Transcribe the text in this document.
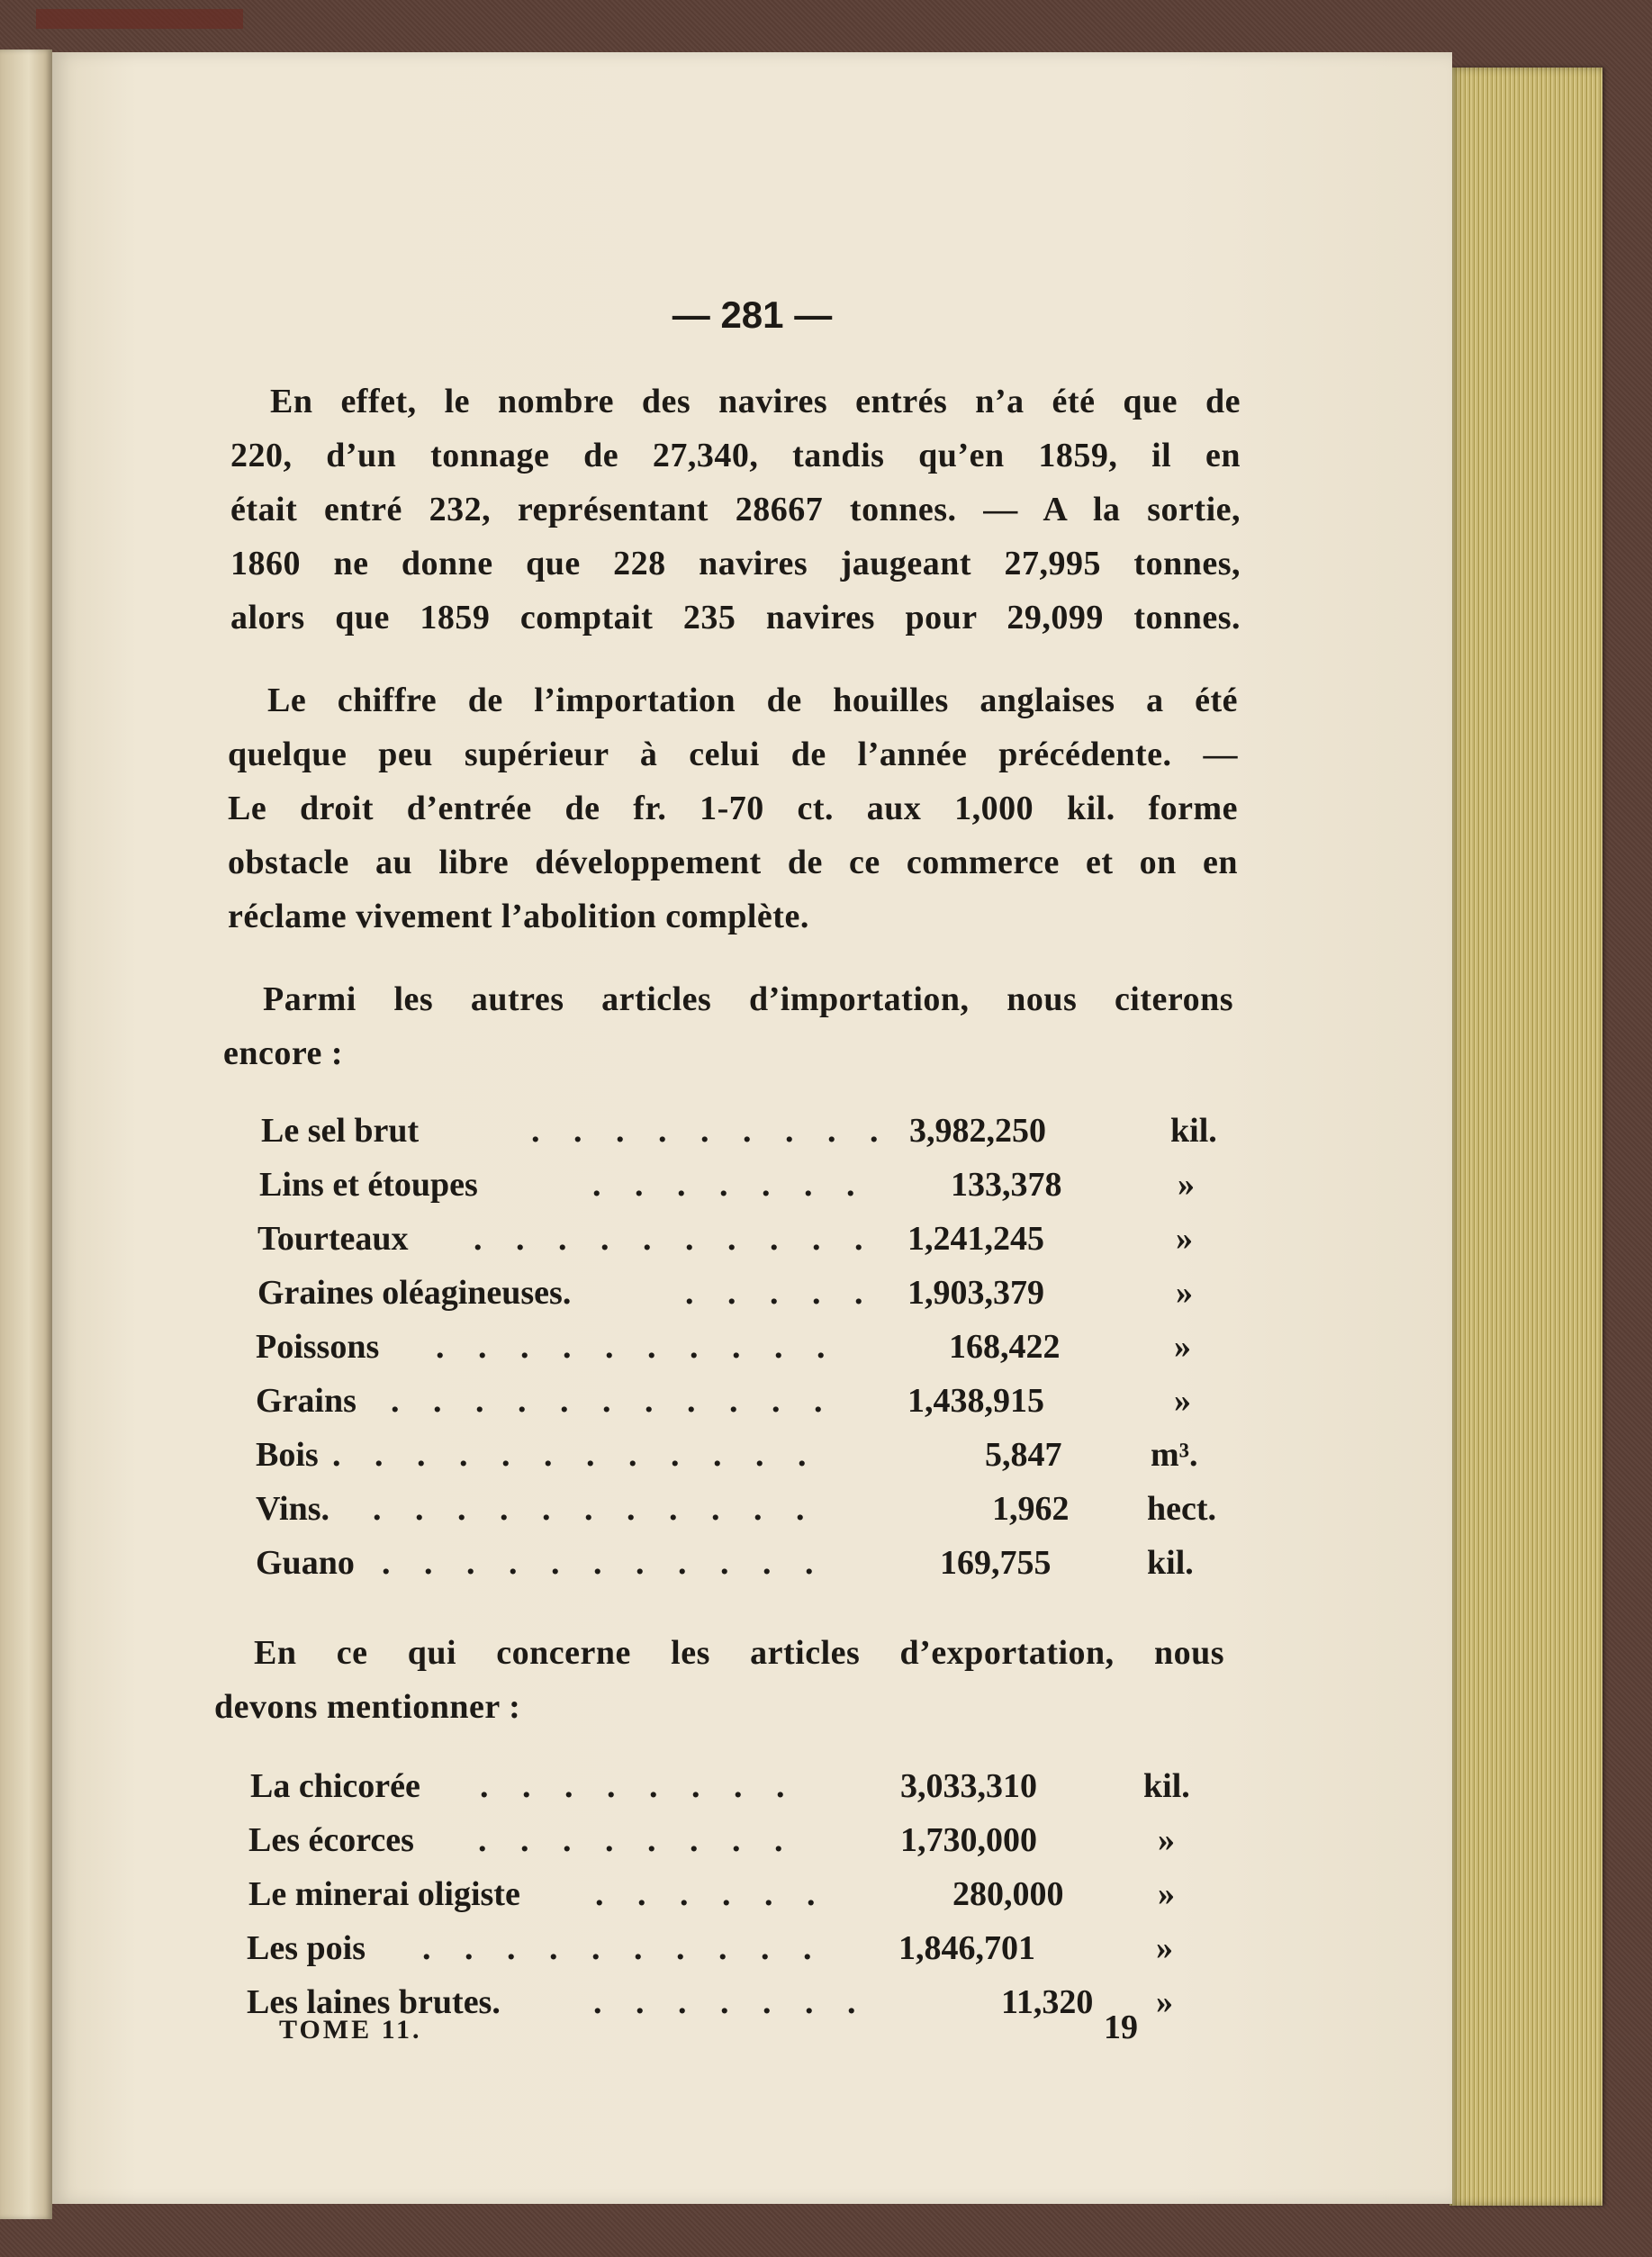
— 281 —
En effet, le nombre des navires entrés n’a été que de
220, d’un tonnage de 27,340, tandis qu’en 1859, il en
était entré 232, représentant 28667 tonnes. — A la sortie,
1860 ne donne que 228 navires jaugeant 27,995 tonnes,
alors que 1859 comptait 235 navires pour 29,099 tonnes.
Le chiffre de l’importation de houilles anglaises a été
quelque peu supérieur à celui de l’année précédente. —
Le droit d’entrée de fr. 1-70 ct. aux 1,000 kil. forme
obstacle au libre développement de ce commerce et on en
réclame vivement l’abolition complète.
Parmi les autres articles d’importation, nous citerons
encore :
Le sel brut	. . . . . . . . . 3,982,250	kil.
Lins et étoupes	. . . . . . . 133,378	»
Tourteaux . . . . . . . . . . 1,241,245	»
Graines oléagineuses.	. . . . . 1,903,379	»
Poissons . . . . . . . . . .	168,422	»
Grains . . . . . . . . . . . 1,438,915	»
Bois . . . . . . . . . . . .	5,847	m³.
Vins. . . . . . . . . . . .	1,962 hect.
Guano . . . . . . . . . . .	169,755	kil.
En ce qui concerne les articles d’exportation, nous
devons mentionner :
La chicorée . . . . . . . .	3,033,310	kil.
Les écorces . . . . . . . .	1,730,000	»
Le minerai oligiste . . . . . .	280,000	»
Les pois . . . . . . . . . . 1,846,701	»
Les laines brutes.	. . . . . . .	11,320 »
TOME 11.	19
